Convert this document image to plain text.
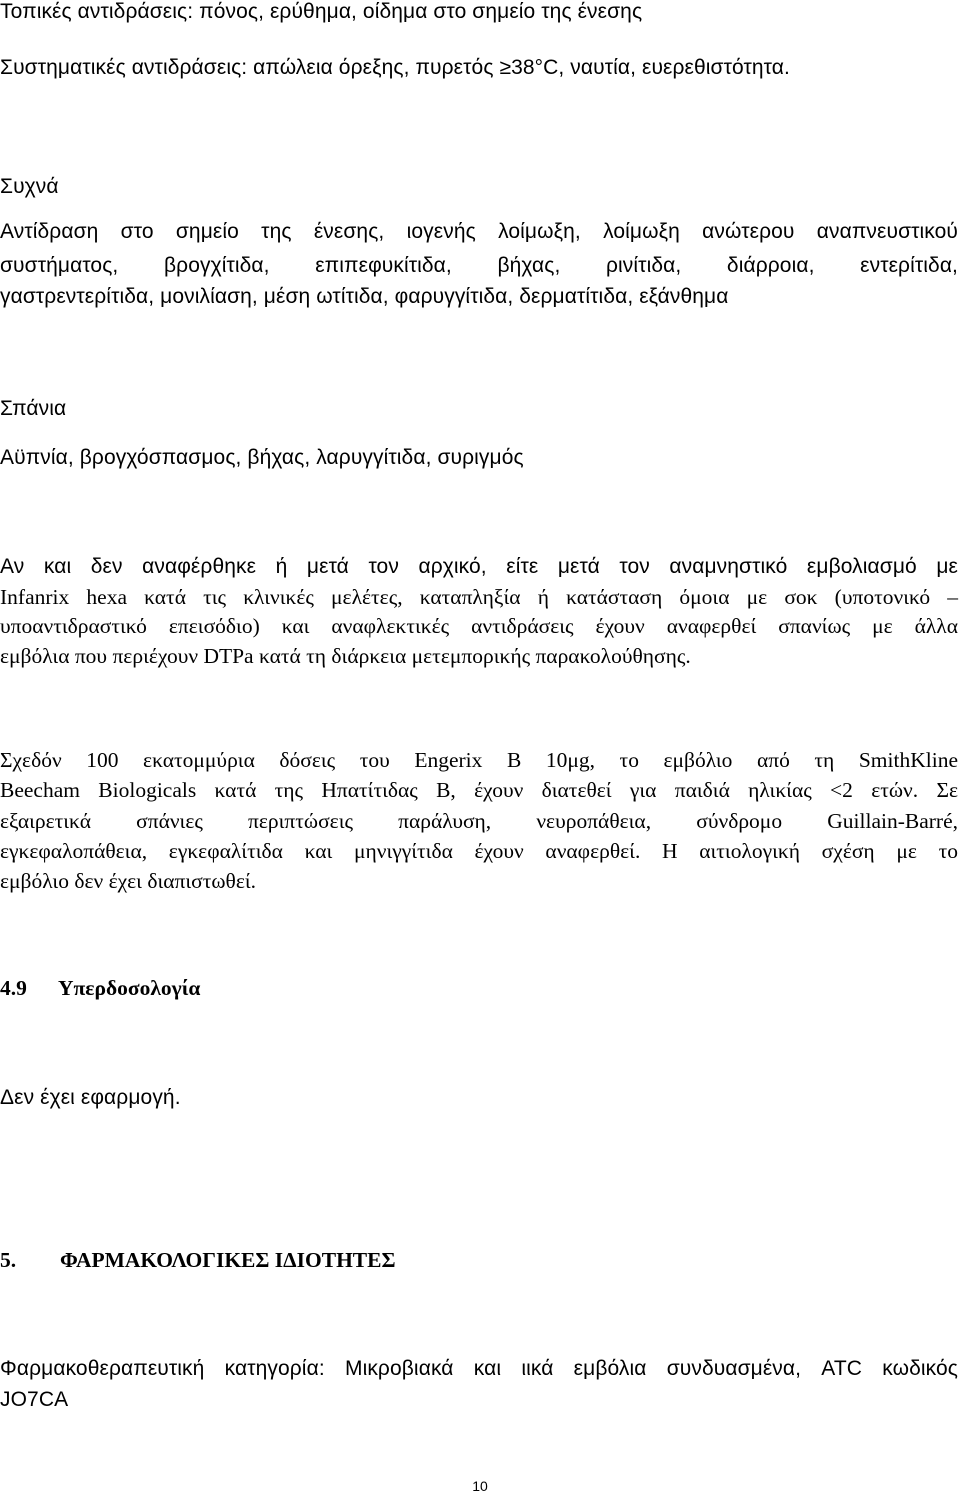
Τοπικές αντιδράσεις: πόνος, ερύθημα, οίδημα στο σημείο της ένεσης

Συστηματικές αντιδράσεις: απώλεια όρεξης, πυρετός ≥38°C, ναυτία, ευερεθιστότητα.

Συχνά

Αντίδραση στο σημείο της ένεσης, ιογενής λοίμωξη, λοίμωξη ανώτερου αναπνευστικού

συστήματος, βρογχίτιδα, επιπεφυκίτιδα, βήχας, ρινίτιδα, διάρροια, εντερίτιδα,

γαστρεντερίτιδα, μονιλίαση, μέση ωτίτιδα, φαρυγγίτιδα, δερματίτιδα, εξάνθημα

Σπάνια

Αϋπνία, βρογχόσπασμος, βήχας, λαρυγγίτιδα, συριγμός

Αν και δεν αναφέρθηκε ή μετά τον αρχικό, είτε μετά τον αναμνηστικό εμβολιασμό με

Infanrix hexa κατά τις κλινικές μελέτες, καταπληξία ή κατάσταση όμοια με σοκ (υποτονικό –

υποαντιδραστικό επεισόδιο) και αναφλεκτικές αντιδράσεις έχουν αναφερθεί σπανίως με άλλα

εμβόλια που περιέχουν DTPa κατά τη διάρκεια μετεμπορικής παρακολούθησης.

Σχεδόν 100 εκατομμύρια δόσεις του Engerix B 10μg, το εμβόλιο από τη SmithKline

Beecham Biologicals κατά της Ηπατίτιδας Β, έχουν διατεθεί για παιδιά ηλικίας <2 ετών. Σε

εξαιρετικά σπάνιες περιπτώσεις παράλυση, νευροπάθεια, σύνδρομο Guillain-Barré,

εγκεφαλοπάθεια, εγκεφαλίτιδα και μηνιγγίτιδα έχουν αναφερθεί. Η αιτιολογική σχέση με το

εμβόλιο δεν έχει διαπιστωθεί.

4.9 Υπερδοσολογία

Δεν έχει εφαρμογή.

5. ΦΑΡΜΑΚΟΛΟΓΙΚΕΣ ΙΔΙΟΤΗΤΕΣ

Φαρμακοθεραπευτική κατηγορία: Μικροβιακά και ιικά εμβόλια συνδυασμένα, ATC κωδικός

JO7CA

10
